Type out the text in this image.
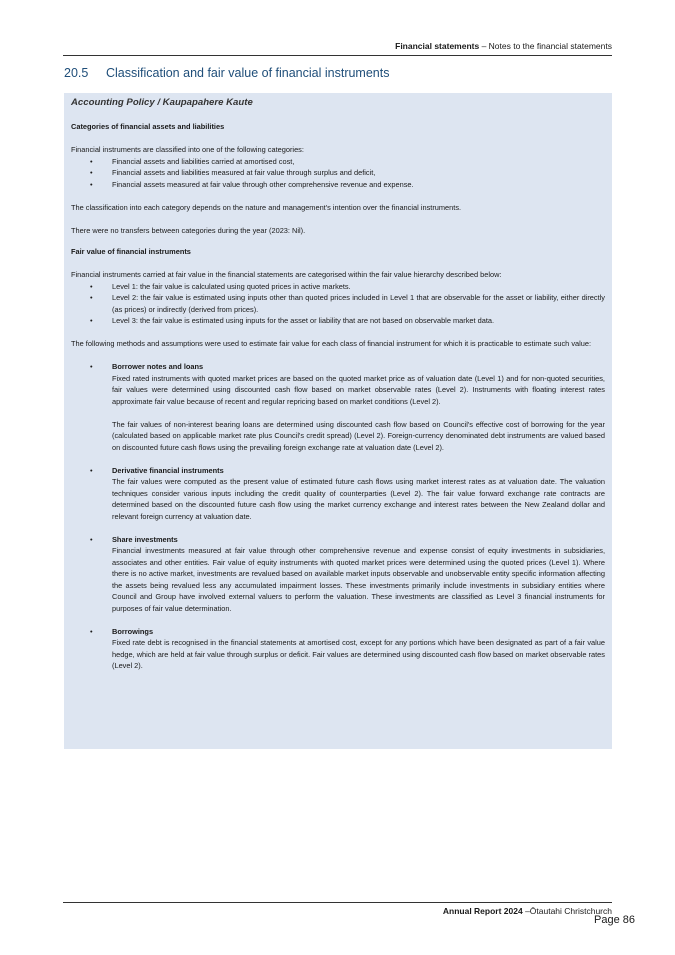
Financial statements – Notes to the financial statements
20.5 Classification and fair value of financial instruments
Accounting Policy / Kaupapahere Kaute
Categories of financial assets and liabilities

Financial instruments are classified into one of the following categories:

•	Financial assets and liabilities carried at amortised cost,
•	Financial assets and liabilities measured at fair value through surplus and deficit,
•	Financial assets measured at fair value through other comprehensive revenue and expense.

The classification into each category depends on the nature and management's intention over the financial instruments.

There were no transfers between categories during the year (2023: Nil).

Fair value of financial instruments

Financial instruments carried at fair value in the financial statements are categorised within the fair value hierarchy described below:

•	Level 1: the fair value is calculated using quoted prices in active markets.
•	Level 2: the fair value is estimated using inputs other than quoted prices included in Level 1 that are observable for the asset or liability, either directly (as prices) or indirectly (derived from prices).
•	Level 3: the fair value is estimated using inputs for the asset or liability that are not based on observable market data.

The following methods and assumptions were used to estimate fair value for each class of financial instrument for which it is practicable to estimate such value:

•	Borrower notes and loans

Fixed rated instruments with quoted market prices are based on the quoted market price as of valuation date (Level 1) and for non-quoted securities, fair values were determined using discounted cash flow based on market observable rates (Level 2). Instruments with floating interest rates approximate fair value because of recent and regular repricing based on market conditions (Level 2).

The fair values of non-interest bearing loans are determined using discounted cash flow based on Council's effective cost of borrowing for the year (calculated based on applicable market rate plus Council's credit spread) (Level 2). Foreign-currency denominated debt instruments are valued based on discounted future cash flows using the prevailing foreign exchange rate at valuation date (Level 2).

•	Derivative financial instruments

The fair values were computed as the present value of estimated future cash flows using market interest rates as at valuation date. The valuation techniques consider various inputs including the credit quality of counterparties (Level 2). The fair value forward exchange rate contracts are determined based on the discounted future cash flow using the market currency exchange and interest rates between the New Zealand dollar and relevant foreign currency at valuation date.

•	Share investments

Financial investments measured at fair value through other comprehensive revenue and expense consist of equity investments in subsidiaries, associates and other entities. Fair value of equity instruments with quoted market prices were determined using the quoted prices (Level 1). Where there is no active market, investments are revalued based on available market inputs observable and unobservable entity specific information affecting the assets being revalued less any accumulated impairment losses. These investments primarily include investments in subsidiary entities where Council and Group have involved external valuers to perform the valuation. These investments are classified as Level 3 financial instruments for purposes of fair value determination.

•	Borrowings

Fixed rate debt is recognised in the financial statements at amortised cost, except for any portions which have been designated as part of a fair value hedge, which are held at fair value through surplus or deficit. Fair values are determined using discounted cash flow based on market observable rates (Level 2).

Annual Report 2024 –Ōtautahi Christchurch
Page 86
